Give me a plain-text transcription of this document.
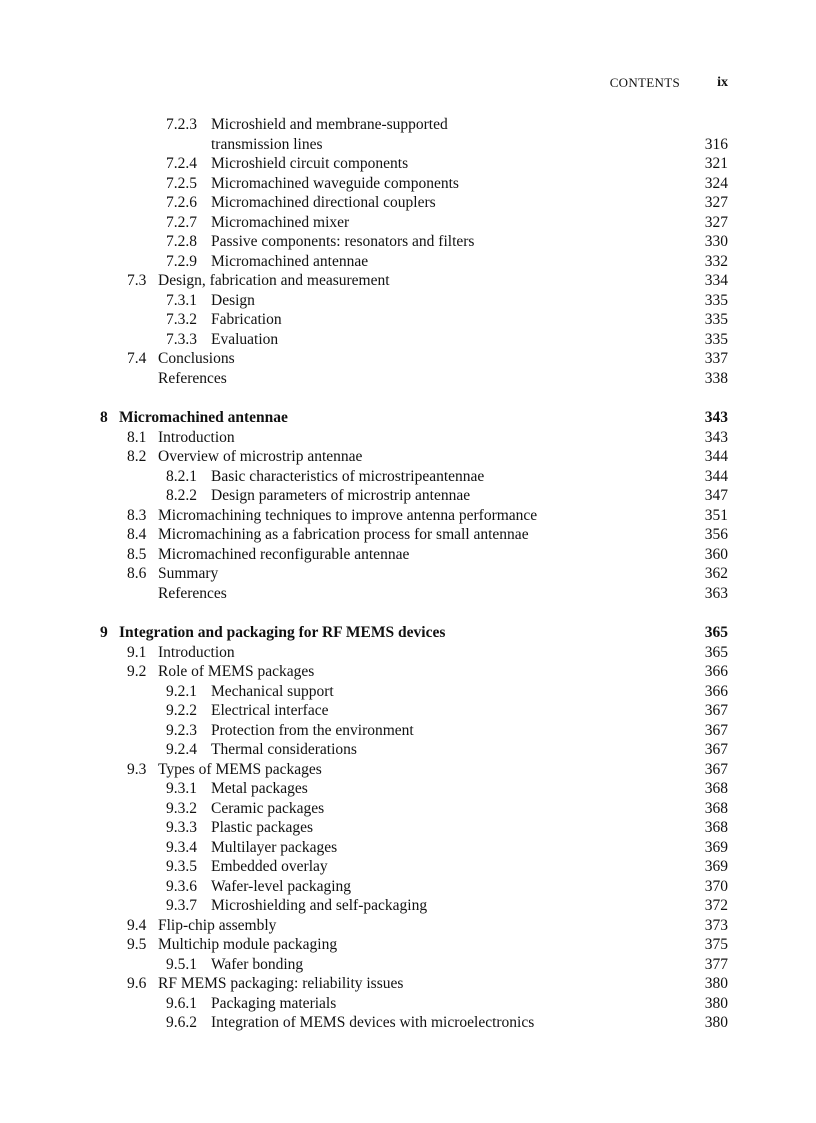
CONTENTS	ix
7.2.3 Microshield and membrane-supported
transmission lines	316
7.2.4 Microshield circuit components	321
7.2.5 Micromachined waveguide components	324
7.2.6 Micromachined directional couplers	327
7.2.7 Micromachined mixer	327
7.2.8 Passive components: resonators and filters	330
7.2.9 Micromachined antennae	332
7.3 Design, fabrication and measurement	334
7.3.1 Design	335
7.3.2 Fabrication	335
7.3.3 Evaluation	335
7.4 Conclusions	337
References	338
8 Micromachined antennae	343
8.1 Introduction	343
8.2 Overview of microstrip antennae	344
8.2.1 Basic characteristics of microstripeantennae	344
8.2.2 Design parameters of microstrip antennae	347
8.3 Micromachining techniques to improve antenna performance	351
8.4 Micromachining as a fabrication process for small antennae	356
8.5 Micromachined reconfigurable antennae	360
8.6 Summary	362
References	363
9 Integration and packaging for RF MEMS devices	365
9.1 Introduction	365
9.2 Role of MEMS packages	366
9.2.1 Mechanical support	366
9.2.2 Electrical interface	367
9.2.3 Protection from the environment	367
9.2.4 Thermal considerations	367
9.3 Types of MEMS packages	367
9.3.1 Metal packages	368
9.3.2 Ceramic packages	368
9.3.3 Plastic packages	368
9.3.4 Multilayer packages	369
9.3.5 Embedded overlay	369
9.3.6 Wafer-level packaging	370
9.3.7 Microshielding and self-packaging	372
9.4 Flip-chip assembly	373
9.5 Multichip module packaging	375
9.5.1 Wafer bonding	377
9.6 RF MEMS packaging: reliability issues	380
9.6.1 Packaging materials	380
9.6.2 Integration of MEMS devices with microelectronics	380
